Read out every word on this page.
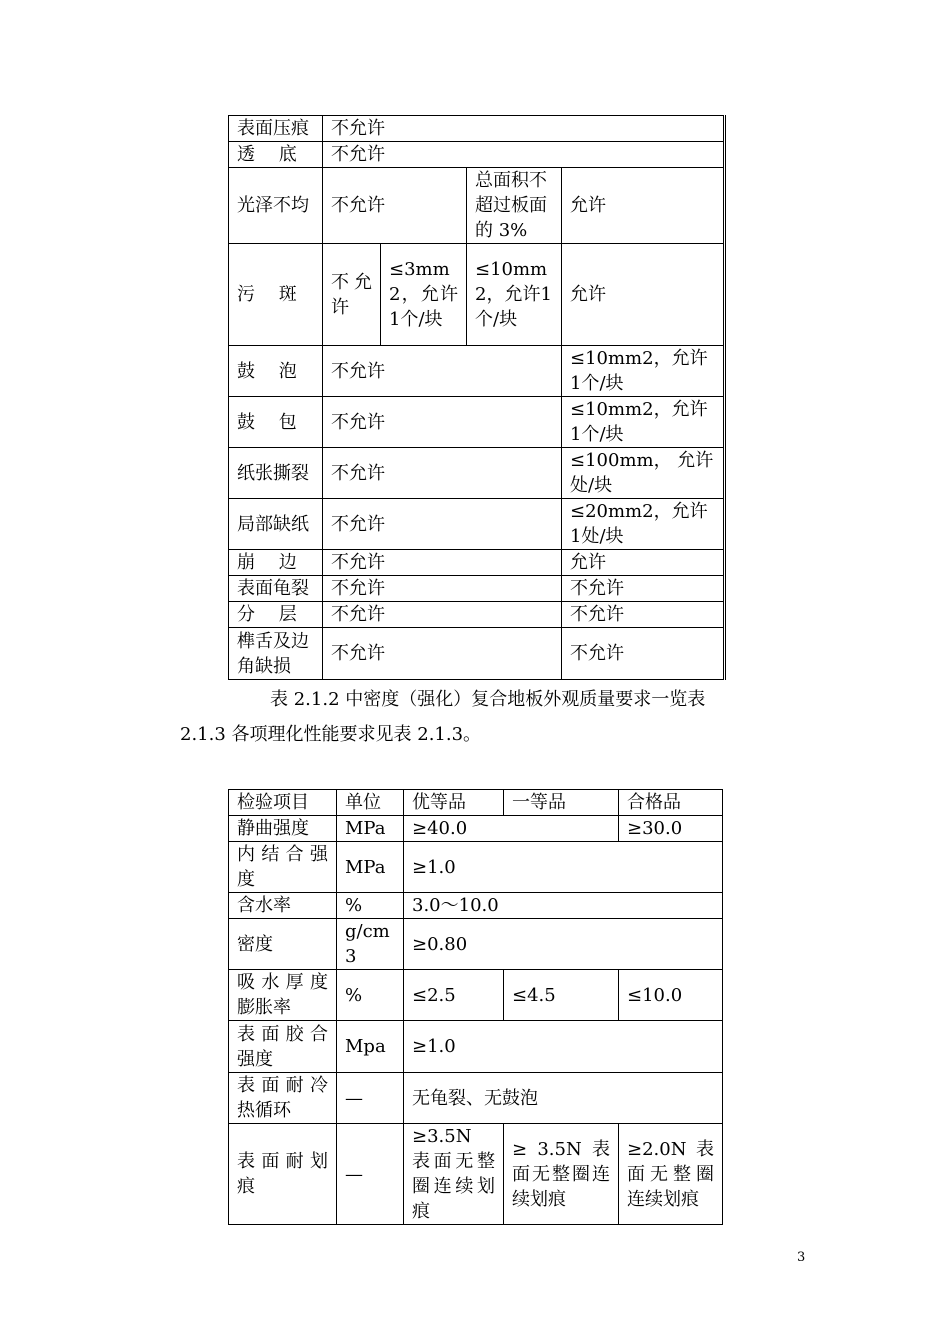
表面压痕	不允许			
透　 底	不允许			
光泽不均	不允许		总面积不超过板面的 3%	允许
污　 斑	不允许	≤3mm2，允许 1个/块	≤10mm2，允许1个/块	允许
鼓　 泡	不允许			≤10mm2，允许 1个/块
鼓　 包	不允许			≤10mm2，允许 1个/块
纸张撕裂	不允许			≤100mm， 允许处/块
局部缺纸	不允许			≤20mm2，允许 1处/块
崩　 边	不允许			允许
表面龟裂	不允许			不允许
分　 层	不允许			不允许
榫舌及边角缺损	不允许			不允许
表 2.1.2 中密度（强化）复合地板外观质量要求一览表
2.1.3 各项理化性能要求见表 2.1.3。
检验项目	单位	优等品	一等品	合格品
静曲强度	MPa	≥40.0		≥30.0
内 结 合 强度	MPa	≥1.0		
含水率	%	3.0～10.0		
密度	g/cm3	≥0.80		
吸 水 厚 度膨胀率	%	≤2.5	≤4.5	≤10.0
表 面 胶 合强度	Mpa	≥1.0		
表 面 耐 冷热循环	—	无龟裂、无鼓泡		
表 面 耐 划痕	—	≥3.5N 表面无整圈连续划痕	≥ 3.5N 表面无整圈连续划痕	≥2.0N 表面无整圈连续划痕
3
